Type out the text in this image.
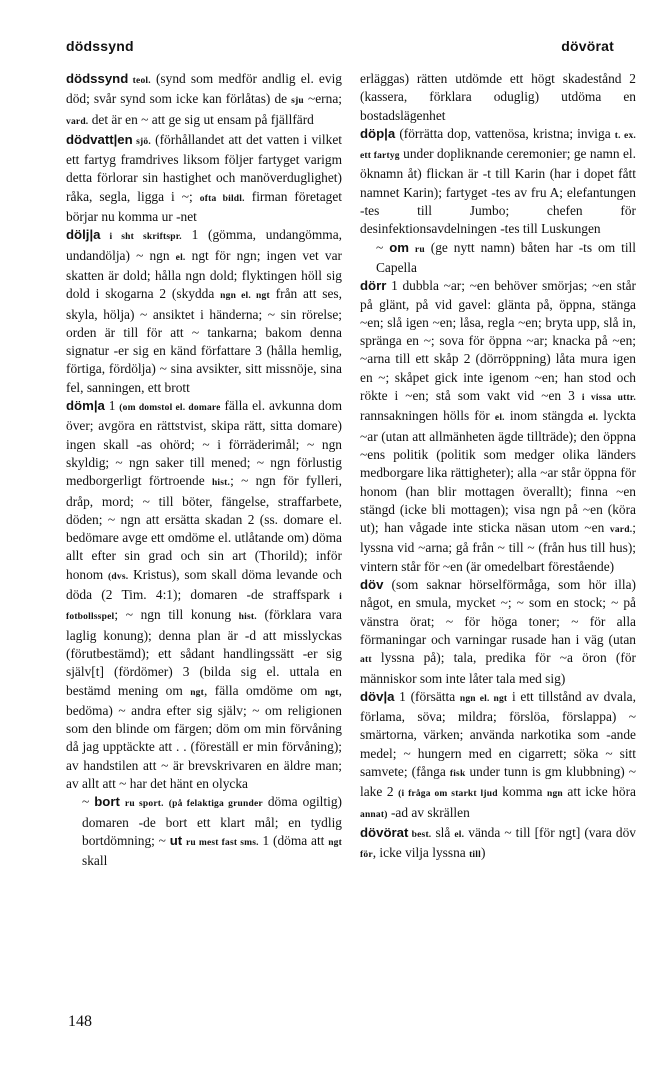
dödssynd	dövörat

dödssynd teol. (synd som medför andlig el. evig död; svår synd som icke kan förlåtas) de sju ~erna; vard. det är en ~ att ge sig ut ensam på fjällfärd

dödvatt|en sjö. (förhållandet att det vatten i vilket ett fartyg framdrives liksom följer fartyget varigm detta förlorar sin hastighet och manöverduglighet) råka, segla, ligga i ~; ofta bildl. firman företaget börjar nu komma ur -net

dölj|a i sht skriftspr. 1 (gömma, undangömma, undandölja) ~ ngn el. ngt för ngn; ingen vet var skatten är dold; hålla ngn dold; flyktingen höll sig dold i skogarna 2 (skydda ngn el. ngt från att ses, skyla, hölja) ~ ansiktet i händerna; ~ sin rörelse; orden är till för att ~ tankarna; bakom denna signatur -er sig en känd författare 3 (hålla hemlig, förtiga, fördölja) ~ sina avsikter, sitt missnöje, sina fel, sanningen, ett brott

döm|a 1 (om domstol el. domare fälla el. avkunna dom över; avgöra en rättstvist, skipa rätt, sitta domare) ingen skall -as ohörd; ~ i förräderimål; ~ ngn skyldig; ~ ngn saker till mened; ~ ngn förlustig medborgerligt förtroende hist.; ~ ngn för fylleri, dråp, mord; ~ till böter, fängelse, straffarbete, döden; ~ ngn att ersätta skadan 2 (ss. domare el. bedömare avge ett omdöme el. utlåtande om) döma allt efter sin grad och sin art (Thorild); inför honom (dvs. Kristus), som skall döma levande och döda (2 Tim. 4:1); domaren -de straffspark i fotbollsspel; ~ ngn till konung hist. (förklara vara laglig konung); denna plan är -d att misslyckas (förutbestämd); ett sådant handlingssätt -er sig själv[t] (fördömer) 3 (bilda sig el. uttala en bestämd mening om ngt, fälla omdöme om ngt, bedöma) ~ andra efter sig själv; ~ om religionen som den blinde om färgen; döm om min förvåning då jag upptäckte att . . (föreställ er min förvåning); av handstilen att ~ är brevskrivaren en äldre man; av allt att ~ har det hänt en olycka

~ bort ru sport. (på felaktiga grunder döma ogiltig) domaren -de bort ett klart mål; en tydlig bortdömning; ~ ut ru mest fast sms. 1 (döma att ngt skall

erläggas) rätten utdömde ett högt skadestånd 2 (kassera, förklara oduglig) utdöma en bostadslägenhet

döp|a (förrätta dop, vattenösa, kristna; inviga t. ex. ett fartyg under dopliknande ceremonier; ge namn el. öknamn åt) flickan är -t till Karin (har i dopet fått namnet Karin); fartyget -tes av fru A; elefantungen -tes till Jumbo; chefen för desinfektionsavdelningen -tes till Luskungen

~ om ru (ge nytt namn) båten har -ts om till Capella

dörr 1 dubbla ~ar; ~en behöver smörjas; ~en står på glänt, på vid gavel: glänta på, öppna, stänga ~en; slå igen ~en; låsa, regla ~en; bryta upp, slå in, spränga en ~; sova för öppna ~ar; knacka på ~en; ~arna till ett skåp 2 (dörröppning) låta mura igen en ~; skåpet gick inte igenom ~en; han stod och rökte i ~en; stå som vakt vid ~en 3 i vissa uttr. rannsakningen hölls för el. inom stängda el. lyckta ~ar (utan att allmänheten ägde tillträde); den öppna ~ens politik (politik som medger olika länders medborgare lika rättigheter); alla ~ar står öppna för honom (han blir mottagen överallt); finna ~en stängd (icke bli mottagen); visa ngn på ~en (köra ut); han vågade inte sticka näsan utom ~en vard.; lyssna vid ~arna; gå från ~ till ~ (från hus till hus); vintern står för ~en (är omedelbart förestående)

döv (som saknar hörselförmåga, som hör illa) något, en smula, mycket ~; ~ som en stock; ~ på vänstra örat; ~ för höga toner; ~ för alla förmaningar och varningar rusade han i väg (utan att lyssna på); tala, predika för ~a öron (för människor som inte låter tala med sig)

döv|a 1 (försätta ngn el. ngt i ett tillstånd av dvala, förlama, söva; mildra; förslöa, förslappa) ~ smärtorna, värken; använda narkotika som -ande medel; ~ hungern med en cigarrett; söka ~ sitt samvete; (fånga fisk under tunn is gm klubbning) ~ lake 2 (i fråga om starkt ljud komma ngn att icke höra annat) -ad av skrällen

dövörat best. slå el. vända ~ till [för ngt] (vara döv för, icke vilja lyssna till)

148
